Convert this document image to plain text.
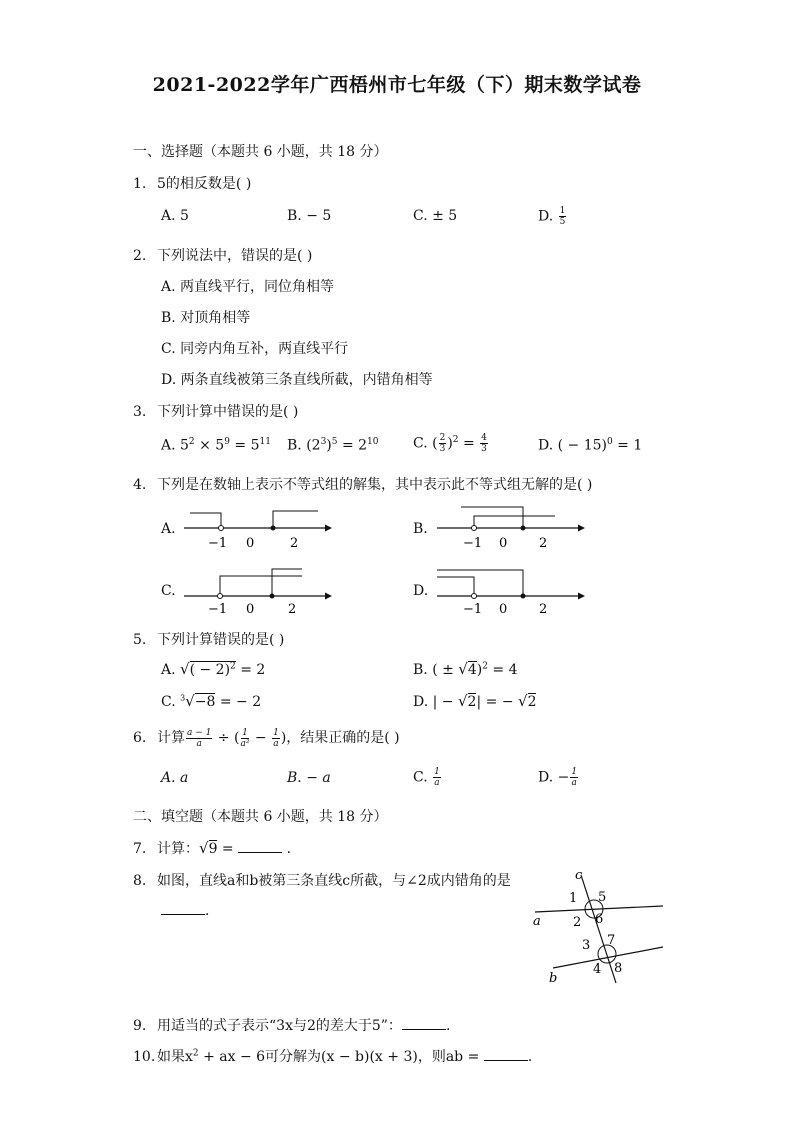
2021-2022学年广西梧州市七年级（下）期末数学试卷
一、选择题（本题共 6 小题，共 18 分）
1. 5的相反数是( )
A. 5	B. − 5	C. ± 5	D. $\frac{1}{5}$
2. 下列说法中，错误的是( )
A. 两直线平行，同位角相等
B. 对顶角相等
C. 同旁内角互补，两直线平行
D. 两条直线被第三条直线所截，内错角相等
3. 下列计算中错误的是( )
A. $5^2 \times 5^9 = 5^{11}$ B. $(2^3)^5 = 2^{10}$ C. ( $\frac{2}{3} )^2 = \frac{4}{3}$	D. ( − 15)$^0$ = 1
4. 下列是在数轴上表示不等式组的解集，其中表示此不等式组无解的是( )
A.
−1 0	2
B.
−1 0 2
C.
−1 0	2
D.
−1 0 2
5. 下列计算错误的是( )
A. √( − 2)$^2$ = 2	B. ( ± √4)$^2$ = 4
C. $^3$√−8 = − 2	D. | − √2| = − √2
6. 计算 $\frac{a - 1}{a}$ ÷ ( $\frac{1}{\text{a²}} - \frac{1}{a}$ )，结果正确的是( )
A. a	B. − a	C. $\frac{1}{a}$	D. − $\frac{1}{a}$
二、填空题（本题共 6 小题，共 18 分）
7. 计算：√9 =	.
8. 如图，直线a和b被第三条直线c所截，与∠2成内错角的是
.
c
a
b
1 5
2 6
3 7
4 8
9. 用适当的式子表示“3x与2的差大于5”：	.
10. 如果$x^2$ + ax − 6可分解为(x − b)(x + 3)，则ab =	.
